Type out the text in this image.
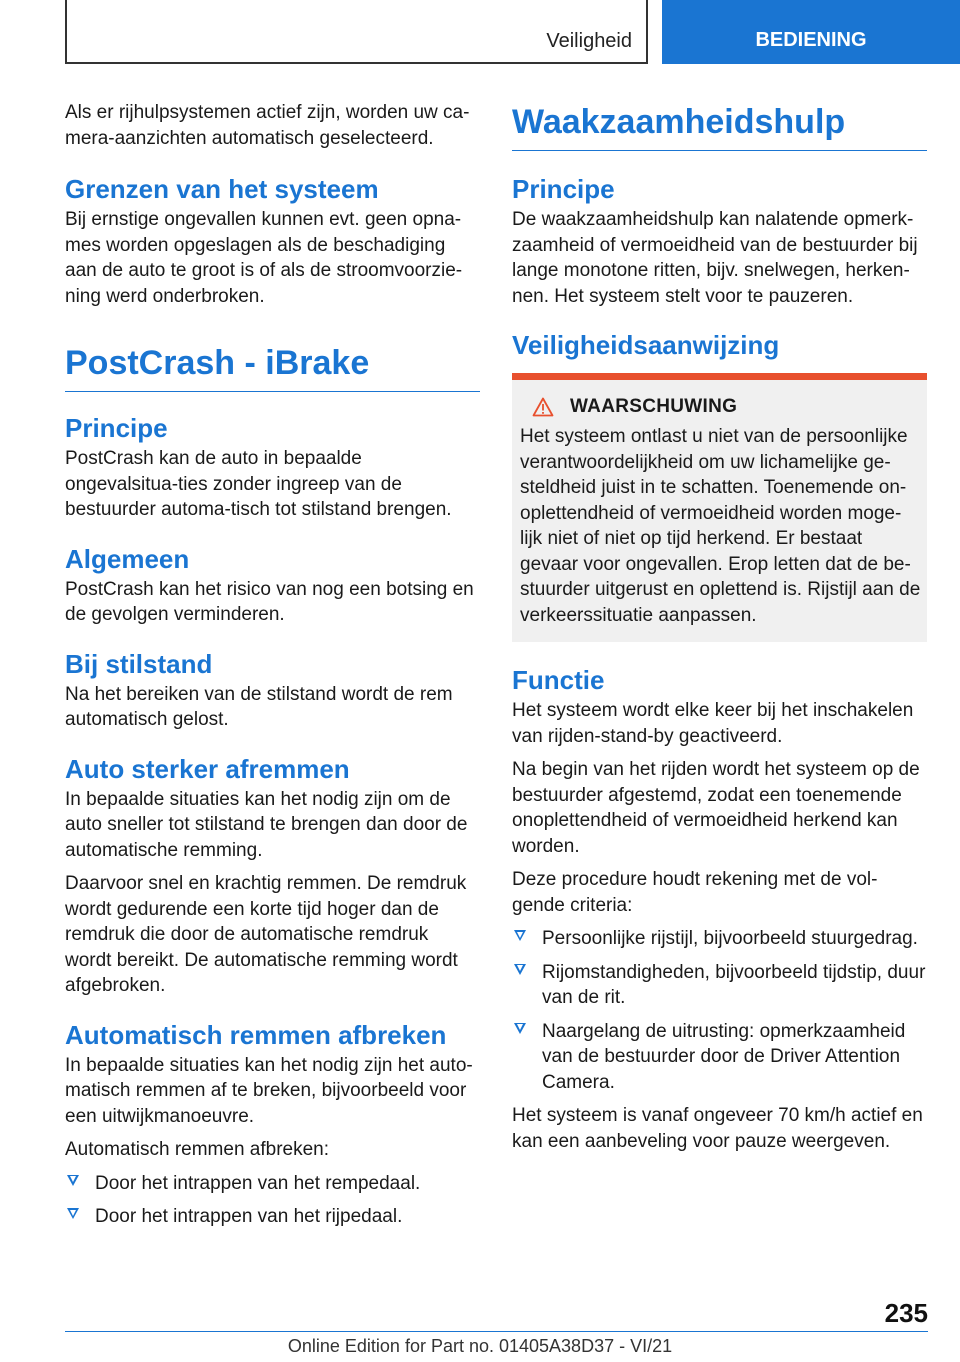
Veiligheid	BEDIENING

Als er rijhulpsystemen actief zijn, worden uw ca-mera-aanzichten automatisch geselecteerd.

Grenzen van het systeem

Bij ernstige ongevallen kunnen evt. geen opna-mes worden opgeslagen als de beschadiging aan de auto te groot is of als de stroomvoorzie-ning werd onderbroken.

PostCrash - iBrake
Principe

PostCrash kan de auto in bepaalde ongevalsitua-ties zonder ingreep van de bestuurder automa-tisch tot stilstand brengen.

Algemeen

PostCrash kan het risico van nog een botsing en de gevolgen verminderen.

Bij stilstand

Na het bereiken van de stilstand wordt de rem automatisch gelost.

Auto sterker afremmen

In bepaalde situaties kan het nodig zijn om de auto sneller tot stilstand te brengen dan door de automatische remming.

Daarvoor snel en krachtig remmen. De remdruk wordt gedurende een korte tijd hoger dan de remdruk die door de automatische remdruk wordt bereikt. De automatische remming wordt afgebroken.

Automatisch remmen afbreken

In bepaalde situaties kan het nodig zijn het auto-matisch remmen af te breken, bijvoorbeeld voor een uitwijkmanoeuvre.

Automatisch remmen afbreken:

Door het intrappen van het rempedaal.
Door het intrappen van het rijpedaal.
Waakzaamheidshulp
Principe

De waakzaamheidshulp kan nalatende opmerk-zaamheid of vermoeidheid van de bestuurder bij lange monotone ritten, bijv. snelwegen, herken-nen. Het systeem stelt voor te pauzeren.

Veiligheidsaanwijzing
WAARSCHUWING

Het systeem ontlast u niet van de persoonlijke verantwoordelijkheid om uw lichamelijke ge-steldheid juist in te schatten. Toenemende on-oplettendheid of vermoeidheid worden moge-lijk niet of niet op tijd herkend. Er bestaat gevaar voor ongevallen. Erop letten dat de be-stuurder uitgerust en oplettend is. Rijstijl aan de verkeerssituatie aanpassen.

Functie

Het systeem wordt elke keer bij het inschakelen van rijden-stand-by geactiveerd.

Na begin van het rijden wordt het systeem op de bestuurder afgestemd, zodat een toenemende onoplettendheid of vermoeidheid herkend kan worden.

Deze procedure houdt rekening met de vol-gende criteria:

Persoonlijke rijstijl, bijvoorbeeld stuurgedrag.
Rijomstandigheden, bijvoorbeeld tijdstip, duur van de rit.
Naargelang de uitrusting: opmerkzaamheid van de bestuurder door de Driver Attention Camera.

Het systeem is vanaf ongeveer 70 km/h actief en kan een aanbeveling voor pauze weergeven.

235
Online Edition for Part no. 01405A38D37 - VI/21
